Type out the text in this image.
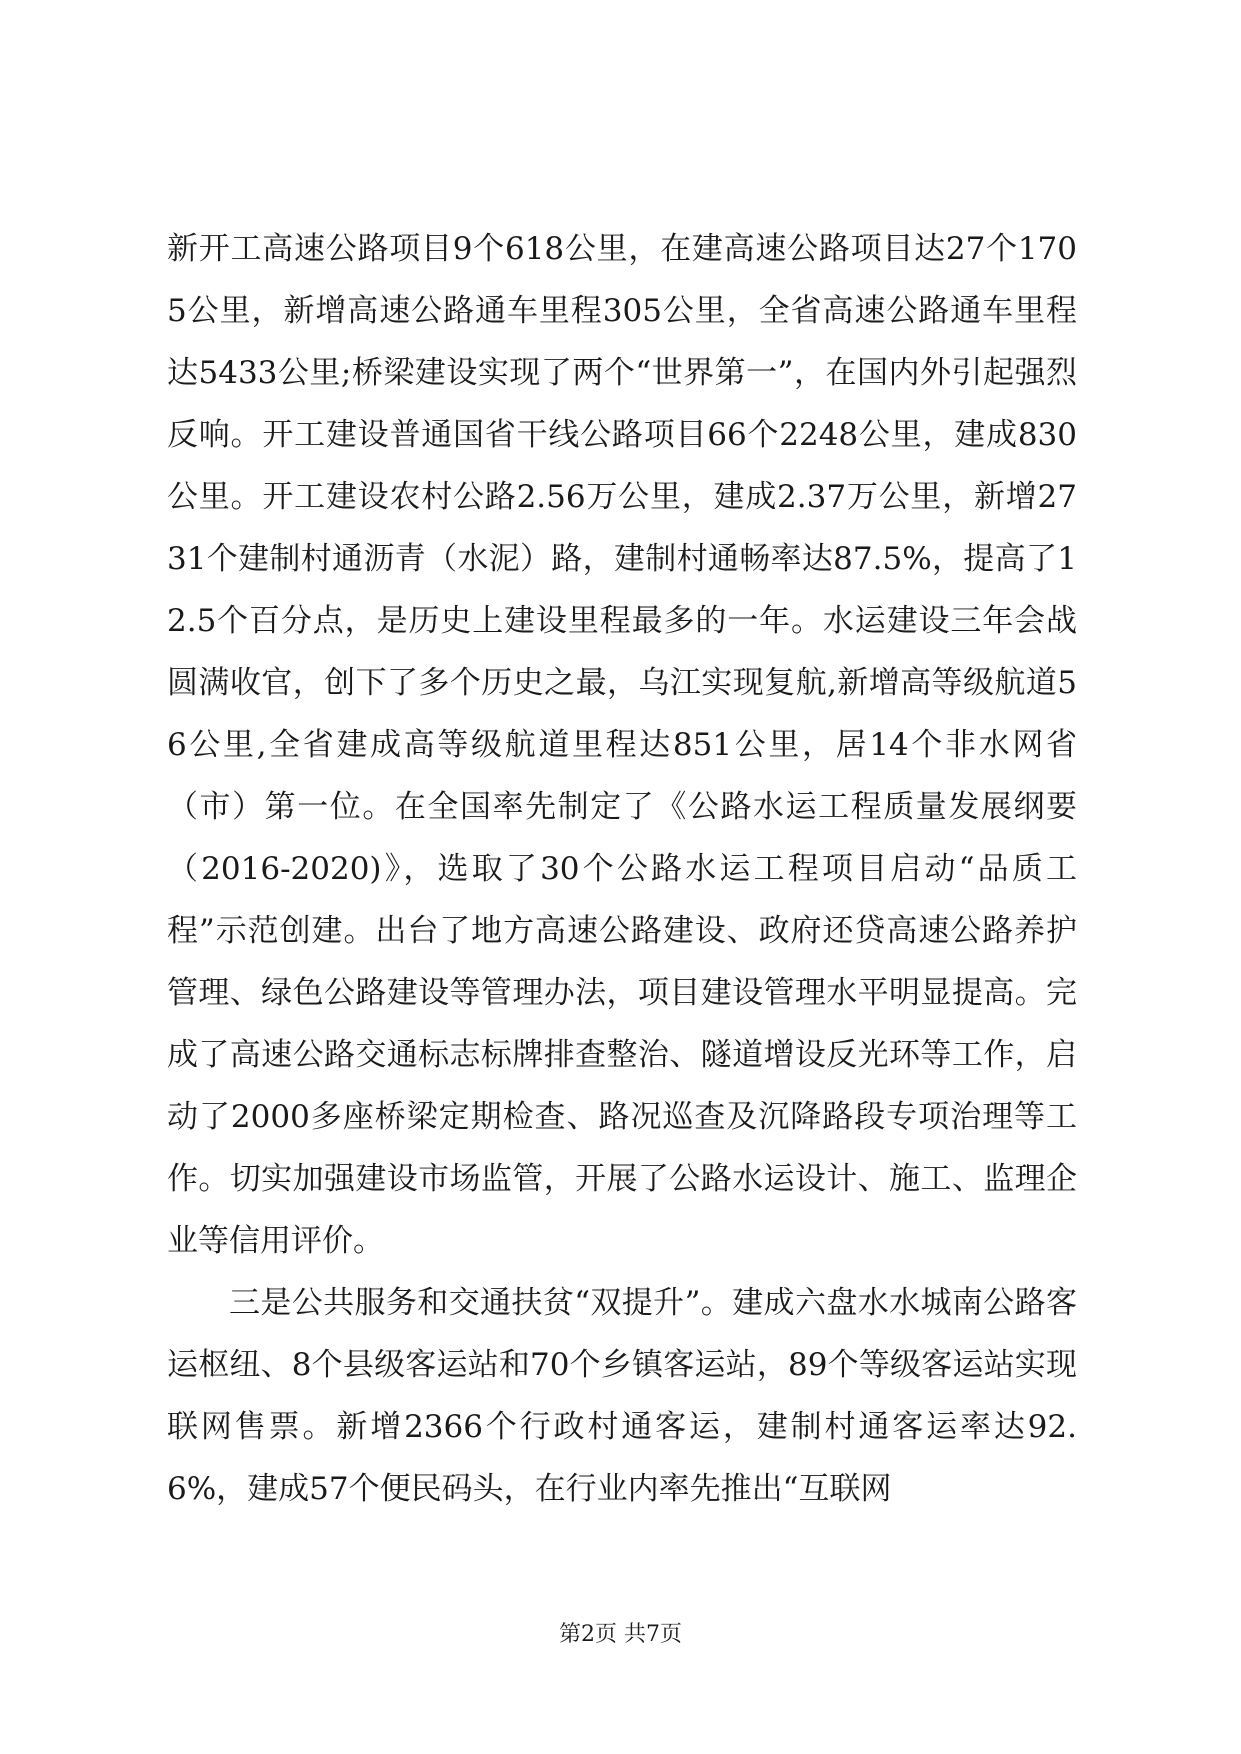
新开工高速公路项目9个618公里，在建高速公路项目达27个1705公里，新增高速公路通车里程305公里，全省高速公路通车里程达5433公里;桥梁建设实现了两个“世界第一”，在国内外引起强烈反响。开工建设普通国省干线公路项目66个2248公里，建成830公里。开工建设农村公路2.56万公里，建成2.37万公里，新增2731个建制村通沥青（水泥）路，建制村通畅率达87.5%，提高了12.5个百分点，是历史上建设里程最多的一年。水运建设三年会战圆满收官，创下了多个历史之最，乌江实现复航,新增高等级航道56公里,全省建成高等级航道里程达851公里，居14个非水网省（市）第一位。在全国率先制定了《公路水运工程质量发展纲要（2016-2020)》，选取了30个公路水运工程项目启动“品质工程”示范创建。出台了地方高速公路建设、政府还贷高速公路养护管理、绿色公路建设等管理办法，项目建设管理水平明显提高。完成了高速公路交通标志标牌排查整治、隧道增设反光环等工作，启动了2000多座桥梁定期检查、路况巡查及沉降路段专项治理等工作。切实加强建设市场监管，开展了公路水运设计、施工、监理企业等信用评价。

三是公共服务和交通扶贫“双提升”。建成六盘水水城南公路客运枢纽、8个县级客运站和70个乡镇客运站，89个等级客运站实现联网售票。新增2366个行政村通客运，建制村通客运率达92.6%，建成57个便民码头，在行业内率先推出“互联网

第2页 共7页
